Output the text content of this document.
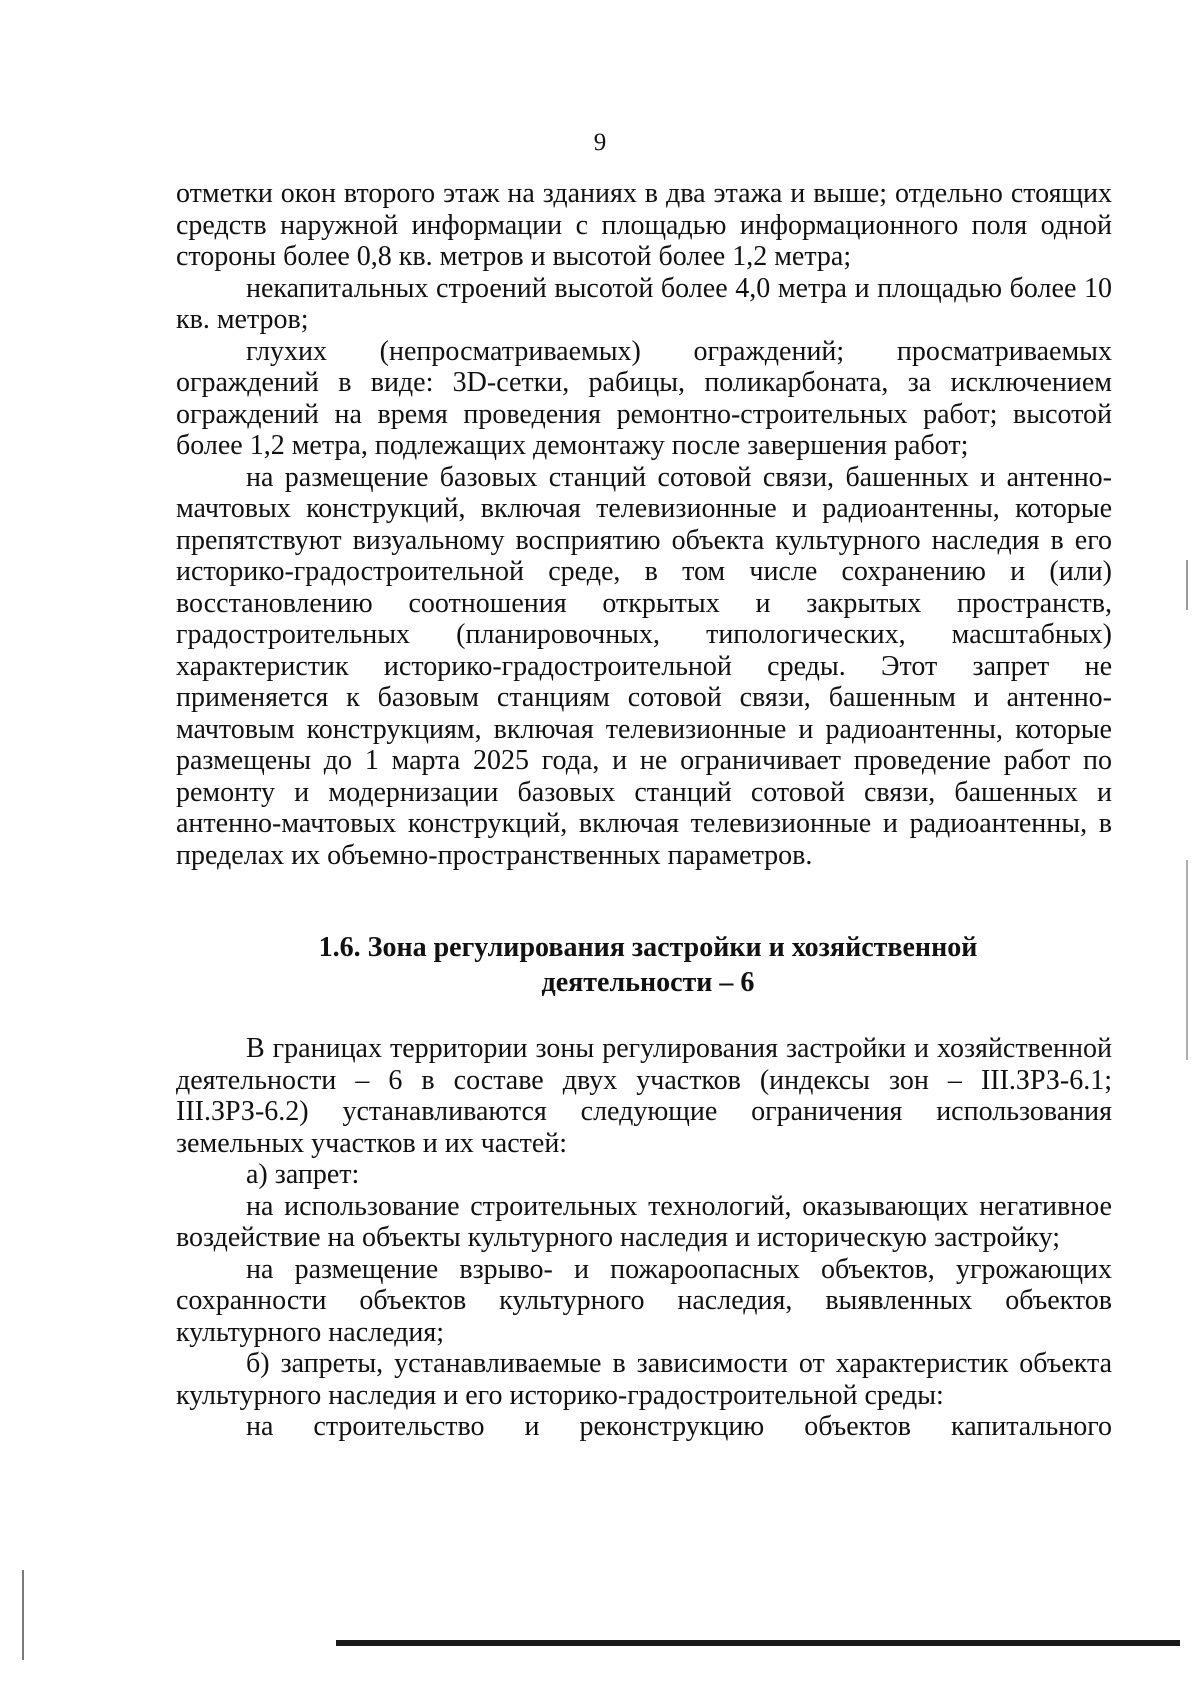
9

отметки окон второго этаж на зданиях в два этажа и выше; отдельно стоящих средств наружной информации с площадью информационного поля одной стороны более 0,8 кв. метров и высотой более 1,2 метра;

некапитальных строений высотой более 4,0 метра и площадью более 10 кв. метров;

глухих (непросматриваемых) ограждений; просматриваемых ограждений в виде: 3D-сетки, рабицы, поликарбоната, за исключением ограждений на время проведения ремонтно-строительных работ; высотой более 1,2 метра, подлежащих демонтажу после завершения работ;

на размещение базовых станций сотовой связи, башенных и антенно-мачтовых конструкций, включая телевизионные и радиоантенны, которые препятствуют визуальному восприятию объекта культурного наследия в его историко-градостроительной среде, в том числе сохранению и (или) восстановлению соотношения открытых и закрытых пространств, градостроительных (планировочных, типологических, масштабных) характеристик историко-градостроительной среды. Этот запрет не применяется к базовым станциям сотовой связи, башенным и антенно-мачтовым конструкциям, включая телевизионные и радиоантенны, которые размещены до 1 марта 2025 года, и не ограничивает проведение работ по ремонту и модернизации базовых станций сотовой связи, башенных и антенно-мачтовых конструкций, включая телевизионные и радиоантенны, в пределах их объемно-пространственных параметров.

1.6. Зона регулирования застройки и хозяйственной
деятельности – 6

В границах территории зоны регулирования застройки и хозяйственной деятельности – 6 в составе двух участков (индексы зон – III.ЗРЗ-6.1; III.ЗРЗ-6.2) устанавливаются следующие ограничения использования земельных участков и их частей:

а) запрет:

на использование строительных технологий, оказывающих негативное воздействие на объекты культурного наследия и историческую застройку;

на размещение взрыво- и пожароопасных объектов, угрожающих сохранности объектов культурного наследия, выявленных объектов культурного наследия;

б) запреты, устанавливаемые в зависимости от характеристик объекта культурного наследия и его историко-градостроительной среды:

на строительство и реконструкцию объектов капитального
